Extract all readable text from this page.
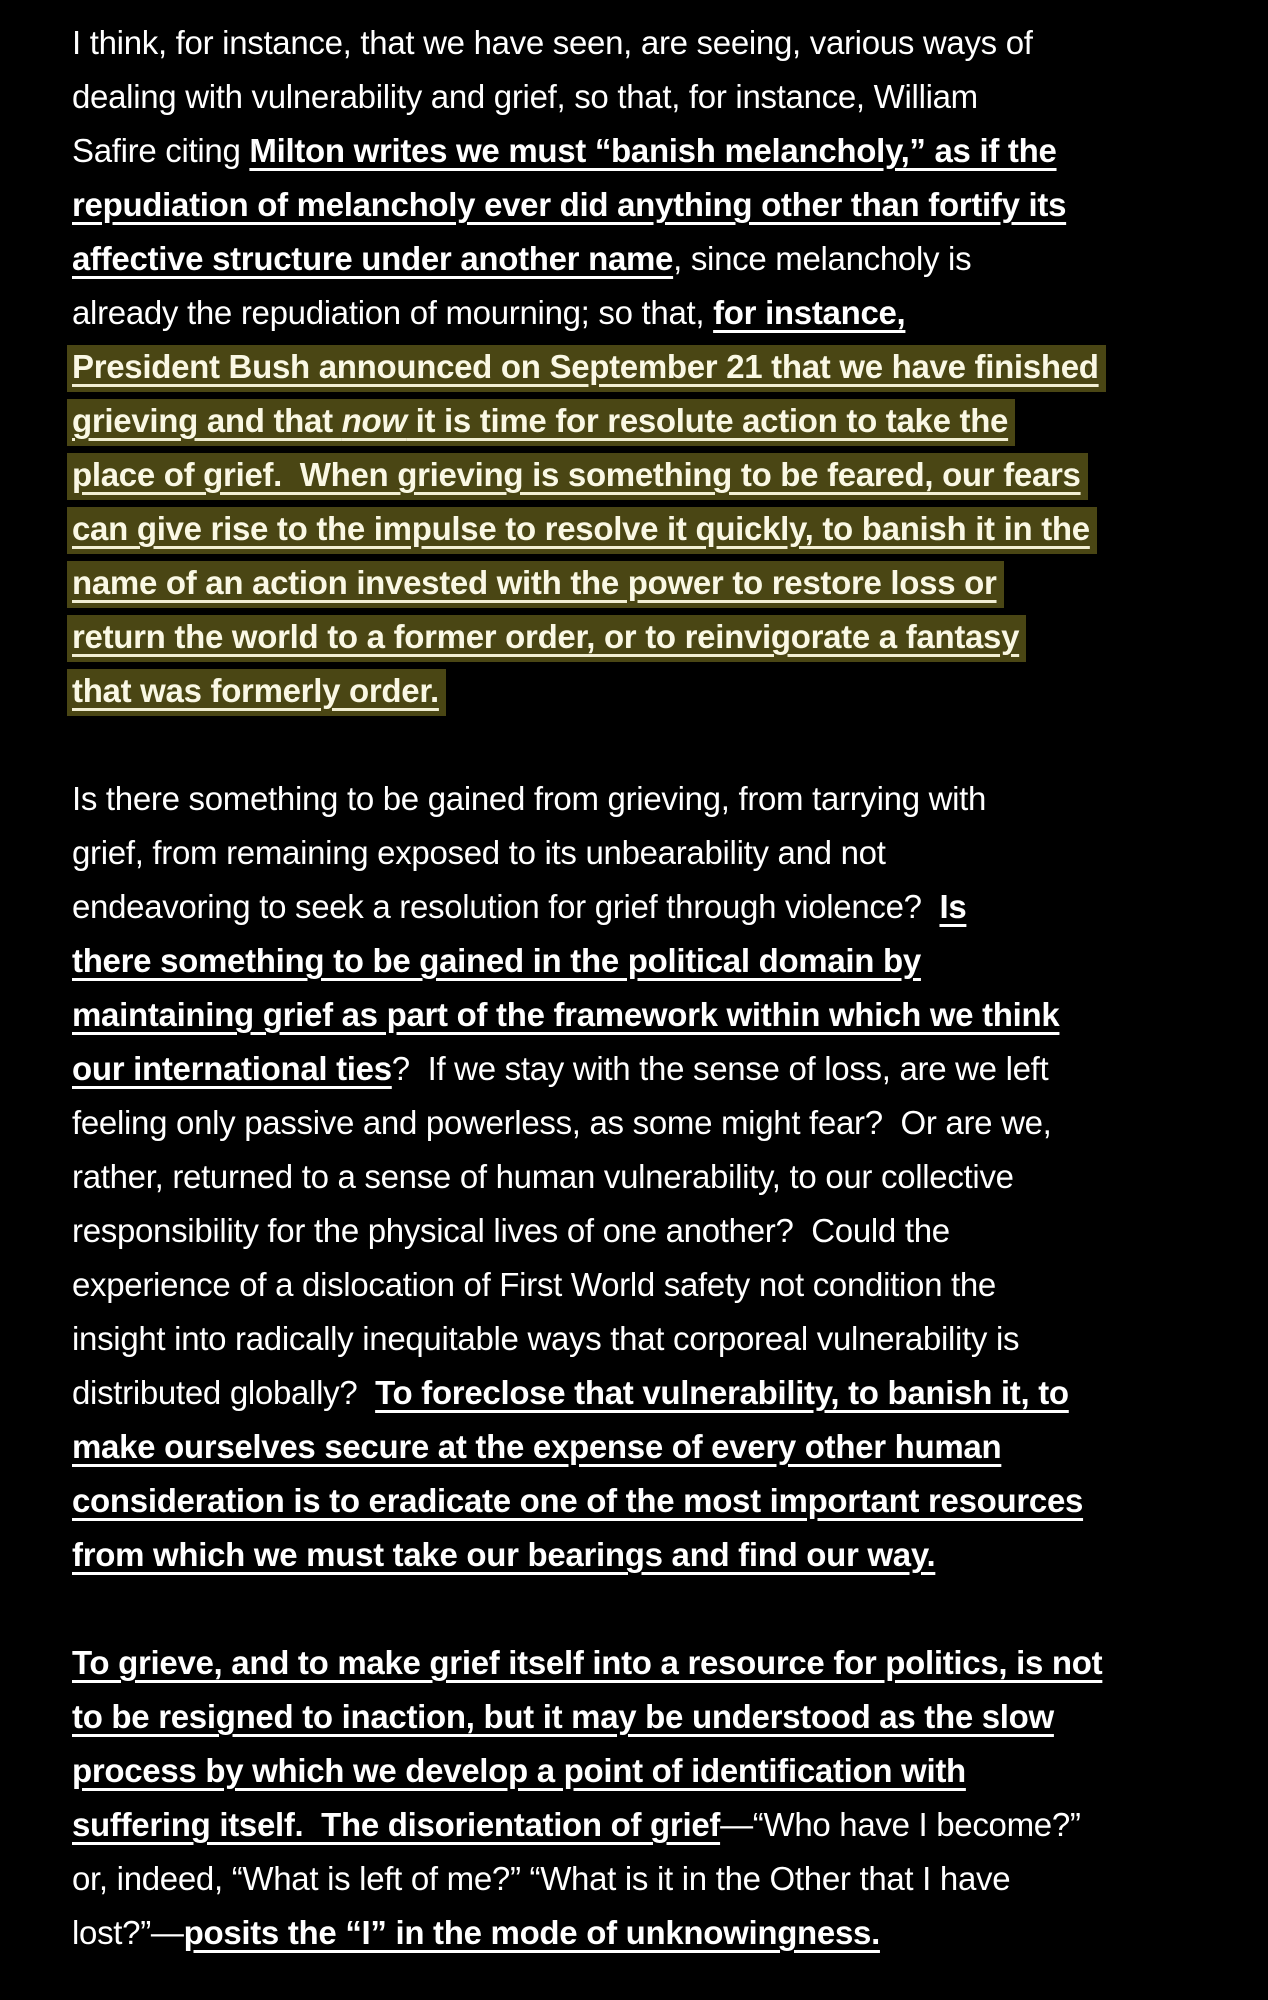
I think, for instance, that we have seen, are seeing, various ways of
dealing with vulnerability and grief, so that, for instance, William
Safire citing Milton writes we must “banish melancholy,” as if the
repudiation of melancholy ever did anything other than fortify its
affective structure under another name, since melancholy is
already the repudiation of mourning; so that, for instance,
President Bush announced on September 21 that we have finished
grieving and that now it is time for resolute action to take the
place of grief.  When grieving is something to be feared, our fears
can give rise to the impulse to resolve it quickly, to banish it in the
name of an action invested with the power to restore loss or
return the world to a former order, or to reinvigorate a fantasy
that was formerly order.
Is there something to be gained from grieving, from tarrying with
grief, from remaining exposed to its unbearability and not
endeavoring to seek a resolution for grief through violence?  Is
there something to be gained in the political domain by
maintaining grief as part of the framework within which we think
our international ties?  If we stay with the sense of loss, are we left
feeling only passive and powerless, as some might fear?  Or are we,
rather, returned to a sense of human vulnerability, to our collective
responsibility for the physical lives of one another?  Could the
experience of a dislocation of First World safety not condition the
insight into radically inequitable ways that corporeal vulnerability is
distributed globally?  To foreclose that vulnerability, to banish it, to
make ourselves secure at the expense of every other human
consideration is to eradicate one of the most important resources
from which we must take our bearings and find our way.
To grieve, and to make grief itself into a resource for politics, is not
to be resigned to inaction, but it may be understood as the slow
process by which we develop a point of identification with
suffering itself.  The disorientation of grief—“Who have I become?”
or, indeed, “What is left of me?” “What is it in the Other that I have
lost?”—posits the “I” in the mode of unknowingness.
